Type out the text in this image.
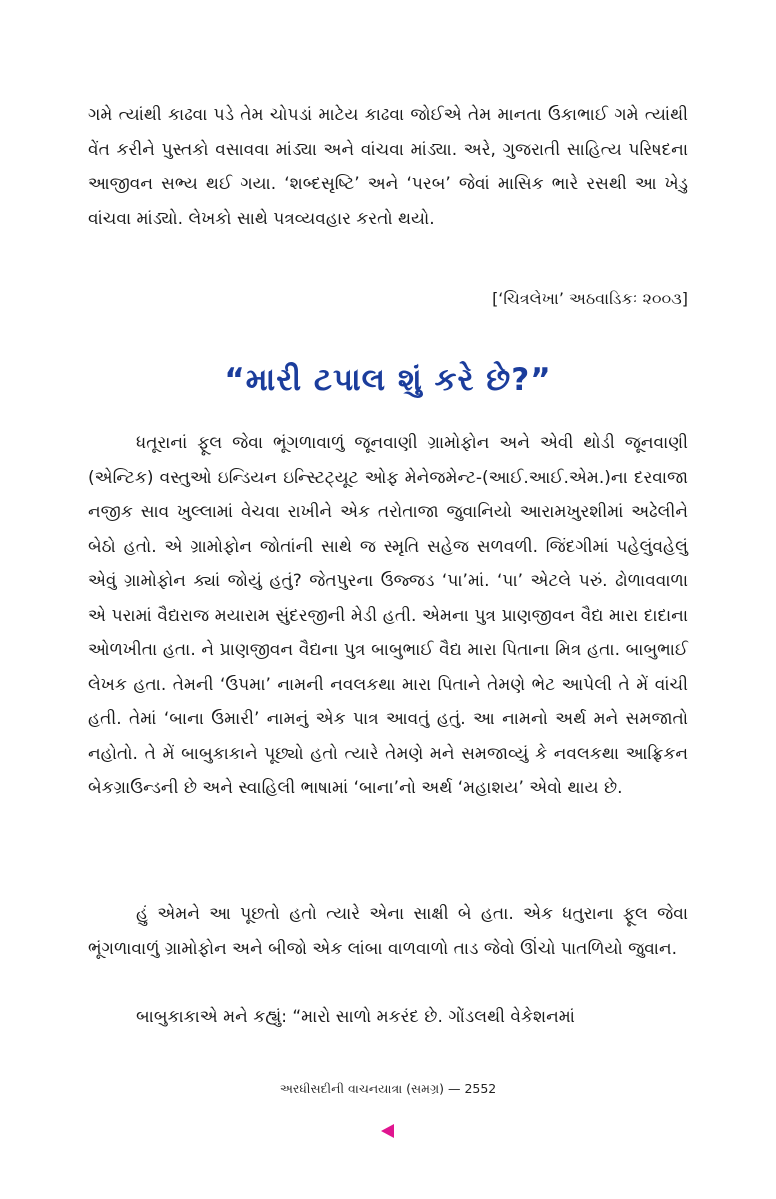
ગમે ત્યાંથી કાઢવા પડે તેમ ચોપડાં માટેય કાઢવા જોઈએ તેમ માનતા ઉકાભાઈ ગમે ત્યાંથી વેંત કરીને પુસ્તકો વસાવવા માંડ્યા અને વાંચવા માંડ્યા. અરે, ગુજરાતી સાહિત્ય પરિષદના આજીવન સભ્ય થઈ ગયા. ‘શબ્દસૃષ્ટિ’ અને ‘પરબ’ જેવાં માસિક ભારે રસથી આ ખેડુ વાંચવા માંડ્યો. લેખકો સાથે પત્રવ્યવહાર કરતો થયો.

[‘ચિત્રલેખા’ અઠવાડિકઃ ૨૦૦૩]
“મારી ટપાલ શું કરે છે?”

ધતૂરાનાં ફૂલ જેવા ભૂંગળાવાળું જૂનવાણી ગ્રામોફોન અને એવી થોડી જૂનવાણી (એન્ટિક) વસ્તુઓ ઇન્ડિયન ઇન્સ્ટિટ્યૂટ ઓફ મેનેજમેન્ટ-(આઈ.આઈ.એમ.)ના દરવાજા નજીક સાવ ખુલ્લામાં વેચવા રાખીને એક તરોતાજા જુવાનિયો આરામખુરશીમાં અઢેલીને બેઠો હતો. એ ગ્રામોફોન જોતાંની સાથે જ સ્મૃતિ સહેજ સળવળી. જિંદગીમાં પહેલુંવહેલું એવું ગ્રામોફોન ક્યાં જોયું હતું? જેતપુરના ઉજ્જડ ‘પા’માં. ‘પા’ એટલે પરું. ઢોળાવવાળા એ પરામાં વૈદ્યરાજ મયારામ સુંદરજીની મેડી હતી. એમના પુત્ર પ્રાણજીવન વૈદ્ય મારા દાદાના ઓળખીતા હતા. ને પ્રાણજીવન વૈદ્યના પુત્ર બાબુભાઈ વૈદ્ય મારા પિતાના મિત્ર હતા. બાબુભાઈ લેખક હતા. તેમની ‘ઉપમા’ નામની નવલકથા મારા પિતાને તેમણે ભેટ આપેલી તે મેં વાંચી હતી. તેમાં ‘બાના ઉમારી’ નામનું એક પાત્ર આવતું હતું. આ નામનો અર્થ મને સમજાતો નહોતો. તે મેં બાબુકાકાને પૂછ્યો હતો ત્યારે તેમણે મને સમજાવ્યું કે નવલકથા આફ્રિકન બેકગ્રાઉન્ડની છે અને સ્વાહિલી ભાષામાં ‘બાના’નો અર્થ ‘મહાશય’ એવો થાય છે.

હું એમને આ પૂછતો હતો ત્યારે એના સાક્ષી બે હતા. એક ધતુરાના ફૂલ જેવા ભૂંગળાવાળું ગ્રામોફોન અને બીજો એક લાંબા વાળવાળો તાડ જેવો ઊંચો પાતળિયો જુવાન.

બાબુકાકાએ મને કહ્યું: “મારો સાળો મકરંદ છે. ગોંડલથી વેકેશનમાં

અરધીસદીની વાચનયાત્રા (સમગ્ર) — 2552
